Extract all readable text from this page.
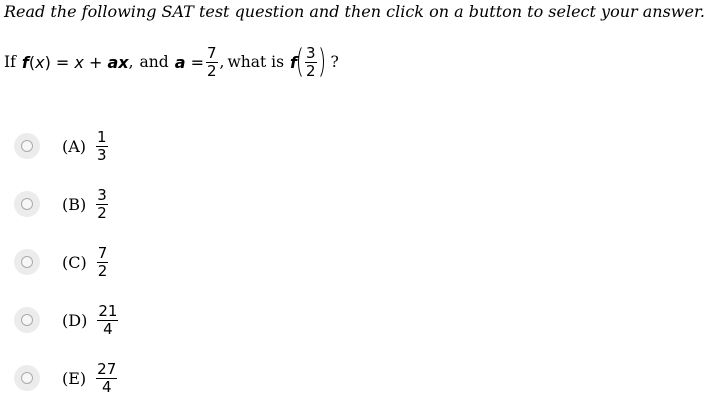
Read the following SAT test question and then click on a button to select your answer.
If f(x) = x + ax , and $a = \frac{7}{2}$ , what is f $\frac{3}{2}$ ?
$(A) \frac{1}{3}$
$(B) \frac{3}{2}$
$(C) \frac{7}{2}$
$(D) \frac{21}{4}$
$(E) \frac{27}{4}$
